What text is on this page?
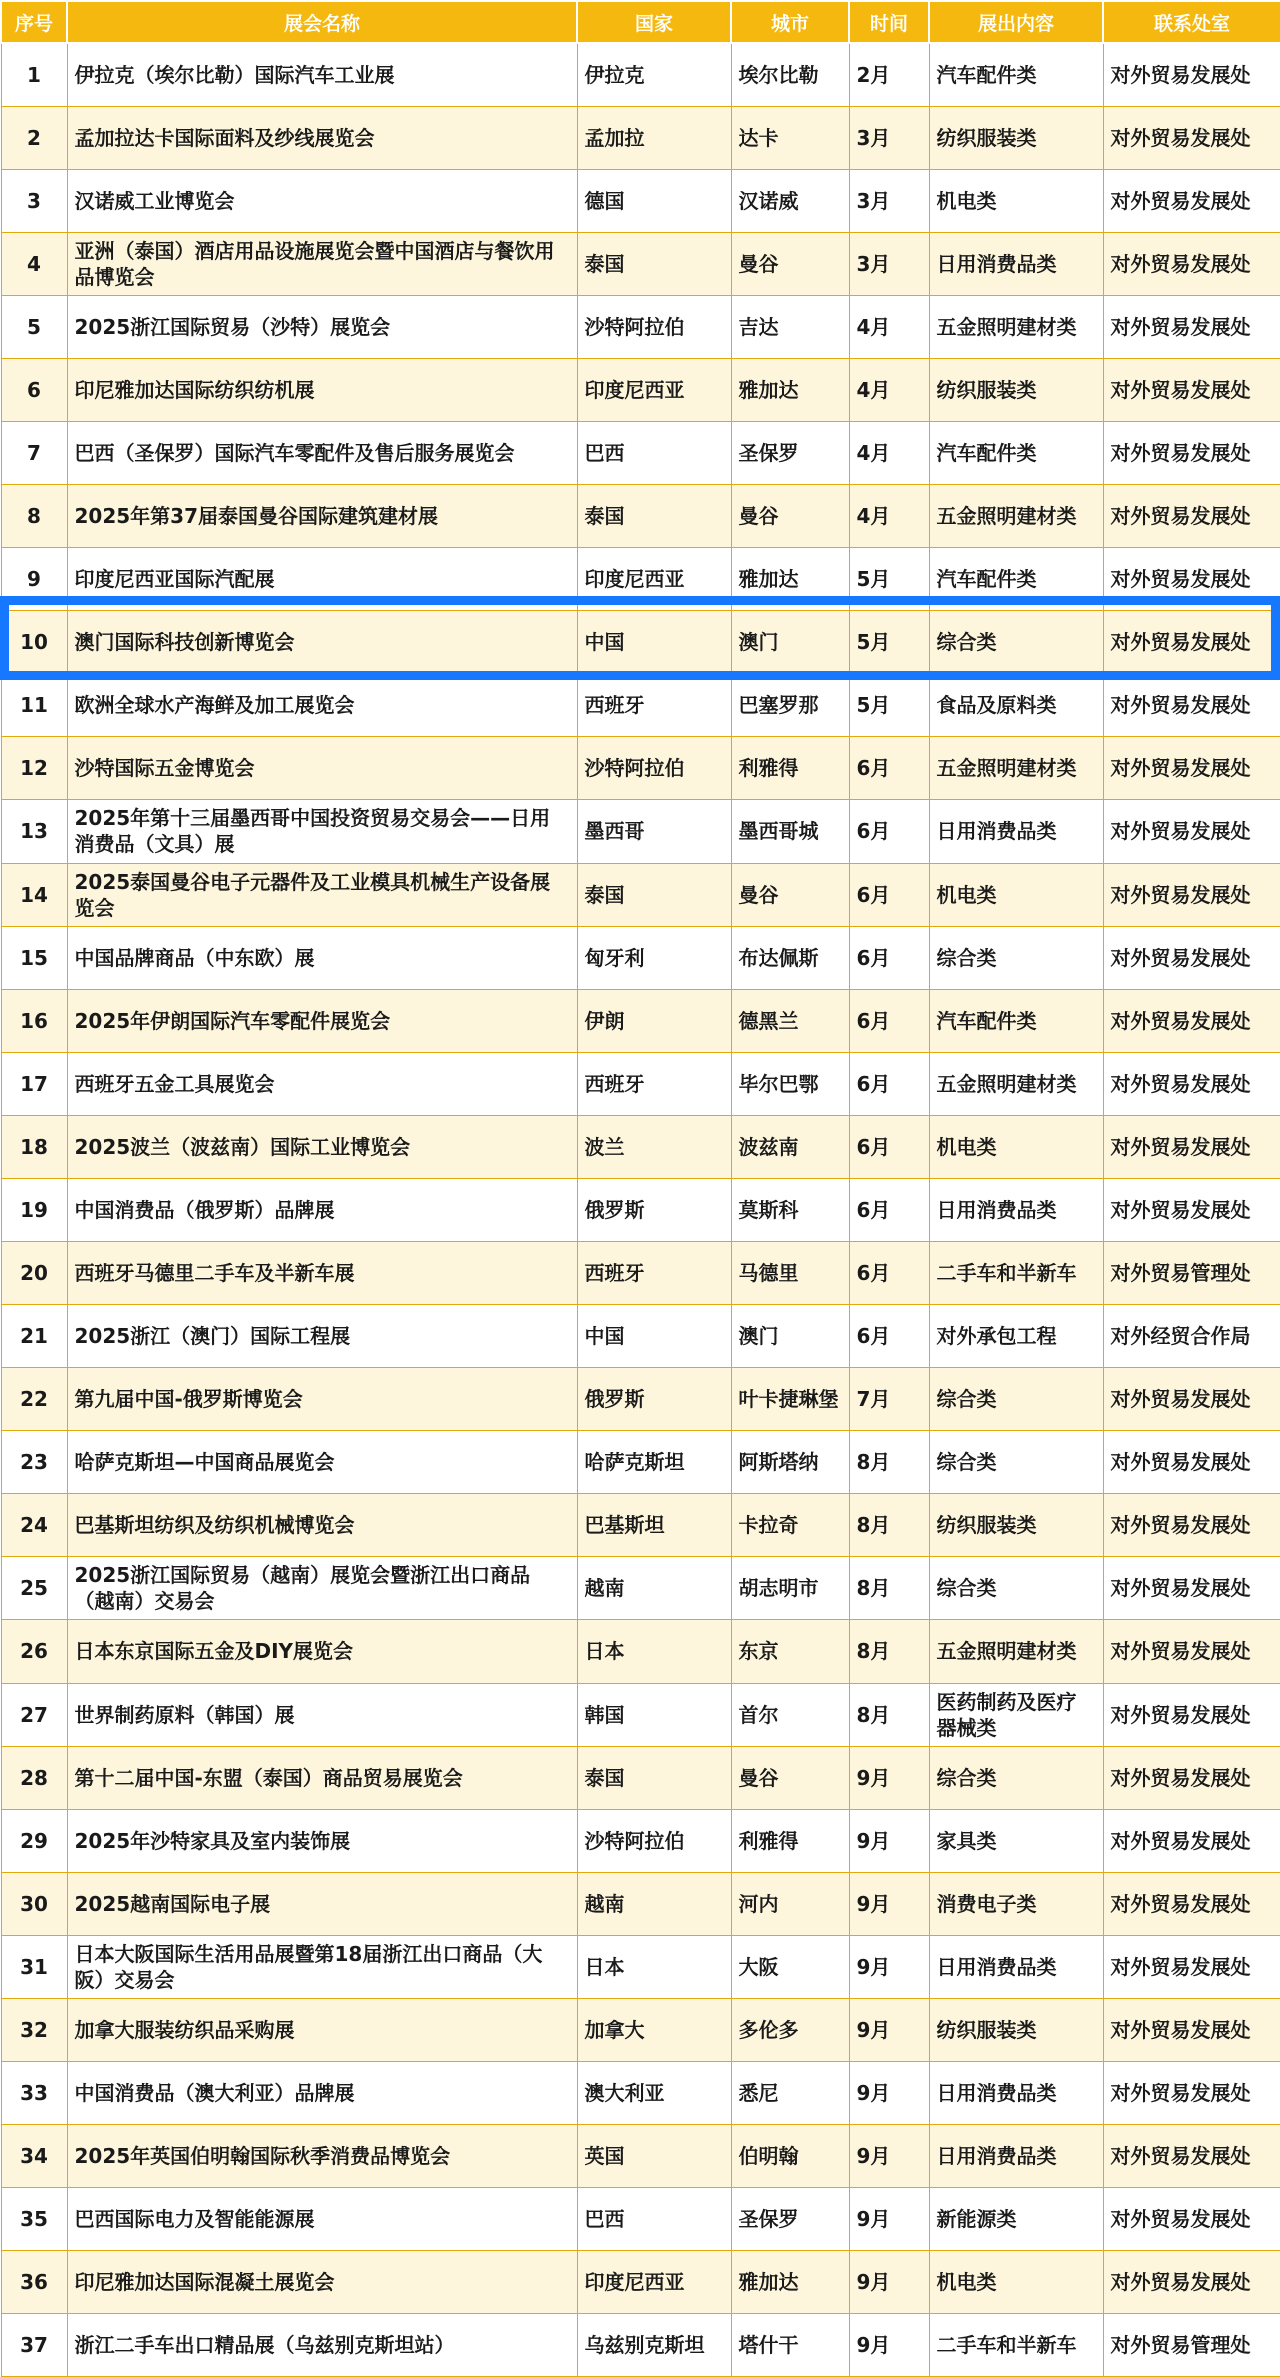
序号	展会名称	国家	城市	时间	展出内容	联系处室
1	伊拉克（埃尔比勒）国际汽车工业展	伊拉克	埃尔比勒	2月	汽车配件类	对外贸易发展处
2	孟加拉达卡国际面料及纱线展览会	孟加拉	达卡	3月	纺织服装类	对外贸易发展处
3	汉诺威工业博览会	德国	汉诺威	3月	机电类	对外贸易发展处
4	亚洲（泰国）酒店用品设施展览会暨中国酒店与餐饮用品博览会	泰国	曼谷	3月	日用消费品类	对外贸易发展处
5	2025浙江国际贸易（沙特）展览会	沙特阿拉伯	吉达	4月	五金照明建材类	对外贸易发展处
6	印尼雅加达国际纺织纺机展	印度尼西亚	雅加达	4月	纺织服装类	对外贸易发展处
7	巴西（圣保罗）国际汽车零配件及售后服务展览会	巴西	圣保罗	4月	汽车配件类	对外贸易发展处
8	2025年第37届泰国曼谷国际建筑建材展	泰国	曼谷	4月	五金照明建材类	对外贸易发展处
9	印度尼西亚国际汽配展	印度尼西亚	雅加达	5月	汽车配件类	对外贸易发展处
10	澳门国际科技创新博览会	中国	澳门	5月	综合类	对外贸易发展处
11	欧洲全球水产海鲜及加工展览会	西班牙	巴塞罗那	5月	食品及原料类	对外贸易发展处
12	沙特国际五金博览会	沙特阿拉伯	利雅得	6月	五金照明建材类	对外贸易发展处
13	2025年第十三届墨西哥中国投资贸易交易会——日用消费品（文具）展	墨西哥	墨西哥城	6月	日用消费品类	对外贸易发展处
14	2025泰国曼谷电子元器件及工业模具机械生产设备展览会	泰国	曼谷	6月	机电类	对外贸易发展处
15	中国品牌商品（中东欧）展	匈牙利	布达佩斯	6月	综合类	对外贸易发展处
16	2025年伊朗国际汽车零配件展览会	伊朗	德黑兰	6月	汽车配件类	对外贸易发展处
17	西班牙五金工具展览会	西班牙	毕尔巴鄂	6月	五金照明建材类	对外贸易发展处
18	2025波兰（波兹南）国际工业博览会	波兰	波兹南	6月	机电类	对外贸易发展处
19	中国消费品（俄罗斯）品牌展	俄罗斯	莫斯科	6月	日用消费品类	对外贸易发展处
20	西班牙马德里二手车及半新车展	西班牙	马德里	6月	二手车和半新车	对外贸易管理处
21	2025浙江（澳门）国际工程展	中国	澳门	6月	对外承包工程	对外经贸合作局
22	第九届中国-俄罗斯博览会	俄罗斯	叶卡捷琳堡	7月	综合类	对外贸易发展处
23	哈萨克斯坦—中国商品展览会	哈萨克斯坦	阿斯塔纳	8月	综合类	对外贸易发展处
24	巴基斯坦纺织及纺织机械博览会	巴基斯坦	卡拉奇	8月	纺织服装类	对外贸易发展处
25	2025浙江国际贸易（越南）展览会暨浙江出口商品（越南）交易会	越南	胡志明市	8月	综合类	对外贸易发展处
26	日本东京国际五金及DIY展览会	日本	东京	8月	五金照明建材类	对外贸易发展处
27	世界制药原料（韩国）展	韩国	首尔	8月	医药制药及医疗器械类	对外贸易发展处
28	第十二届中国-东盟（泰国）商品贸易展览会	泰国	曼谷	9月	综合类	对外贸易发展处
29	2025年沙特家具及室内装饰展	沙特阿拉伯	利雅得	9月	家具类	对外贸易发展处
30	2025越南国际电子展	越南	河内	9月	消费电子类	对外贸易发展处
31	日本大阪国际生活用品展暨第18届浙江出口商品（大阪）交易会	日本	大阪	9月	日用消费品类	对外贸易发展处
32	加拿大服装纺织品采购展	加拿大	多伦多	9月	纺织服装类	对外贸易发展处
33	中国消费品（澳大利亚）品牌展	澳大利亚	悉尼	9月	日用消费品类	对外贸易发展处
34	2025年英国伯明翰国际秋季消费品博览会	英国	伯明翰	9月	日用消费品类	对外贸易发展处
35	巴西国际电力及智能能源展	巴西	圣保罗	9月	新能源类	对外贸易发展处
36	印尼雅加达国际混凝土展览会	印度尼西亚	雅加达	9月	机电类	对外贸易发展处
37	浙江二手车出口精品展（乌兹别克斯坦站）	乌兹别克斯坦	塔什干	9月	二手车和半新车	对外贸易管理处
